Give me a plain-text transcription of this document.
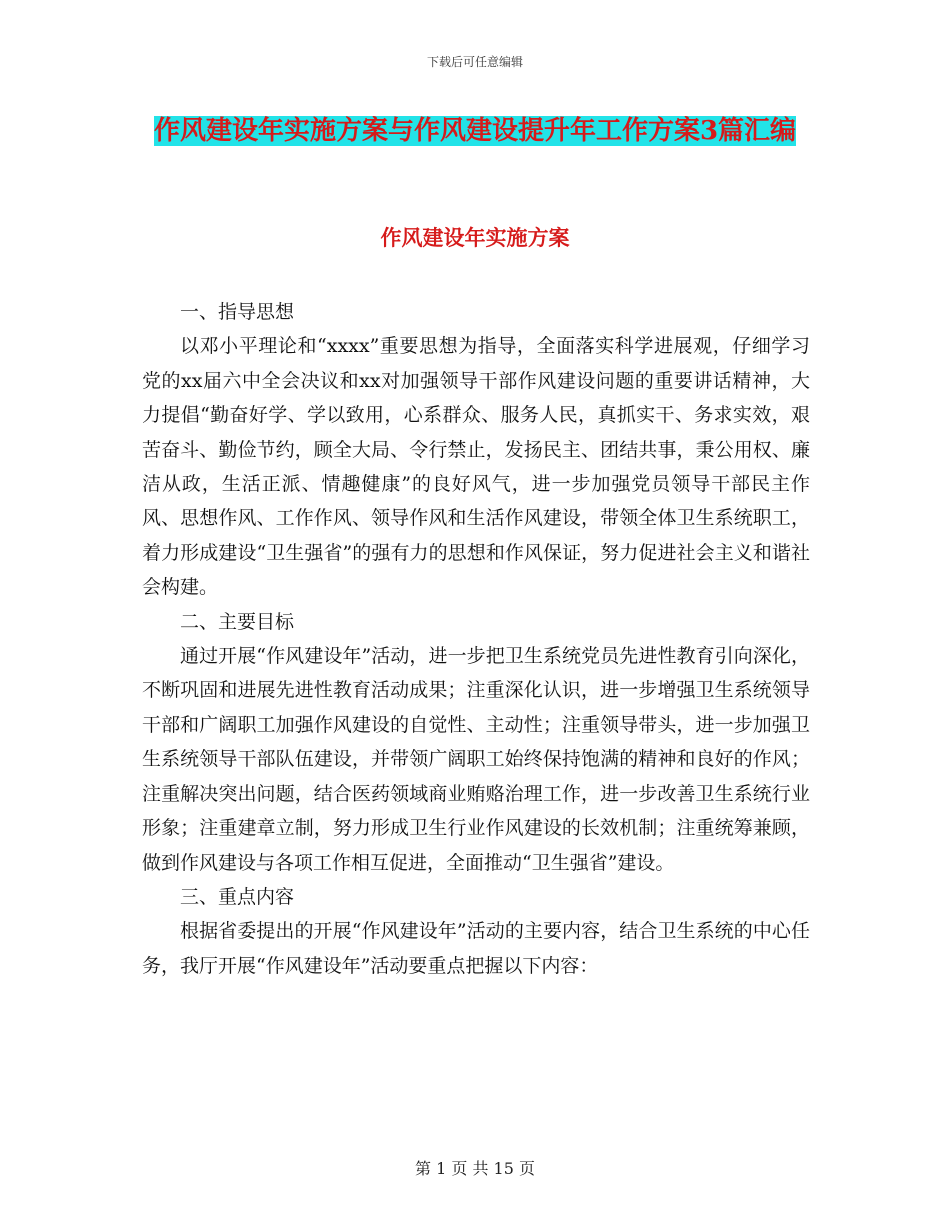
下载后可任意编辑
作风建设年实施方案与作风建设提升年工作方案3篇汇编
作风建设年实施方案

一、指导思想

以邓小平理论和“xxxx”重要思想为指导，全面落实科学进展观，仔细学习党的xx届六中全会决议和xx对加强领导干部作风建设问题的重要讲话精神，大力提倡“勤奋好学、学以致用，心系群众、服务人民，真抓实干、务求实效，艰苦奋斗、勤俭节约，顾全大局、令行禁止，发扬民主、团结共事，秉公用权、廉洁从政，生活正派、情趣健康”的良好风气，进一步加强党员领导干部民主作风、思想作风、工作作风、领导作风和生活作风建设，带领全体卫生系统职工，着力形成建设“卫生强省”的强有力的思想和作风保证，努力促进社会主义和谐社会构建。

二、主要目标

通过开展“作风建设年”活动，进一步把卫生系统党员先进性教育引向深化，不断巩固和进展先进性教育活动成果；注重深化认识，进一步增强卫生系统领导干部和广阔职工加强作风建设的自觉性、主动性；注重领导带头，进一步加强卫生系统领导干部队伍建设，并带领广阔职工始终保持饱满的精神和良好的作风；注重解决突出问题，结合医药领域商业贿赂治理工作，进一步改善卫生系统行业形象；注重建章立制，努力形成卫生行业作风建设的长效机制；注重统筹兼顾，做到作风建设与各项工作相互促进，全面推动“卫生强省”建设。

三、重点内容

根据省委提出的开展“作风建设年”活动的主要内容，结合卫生系统的中心任务，我厅开展“作风建设年”活动要重点把握以下内容：

第 1 页 共 15 页
